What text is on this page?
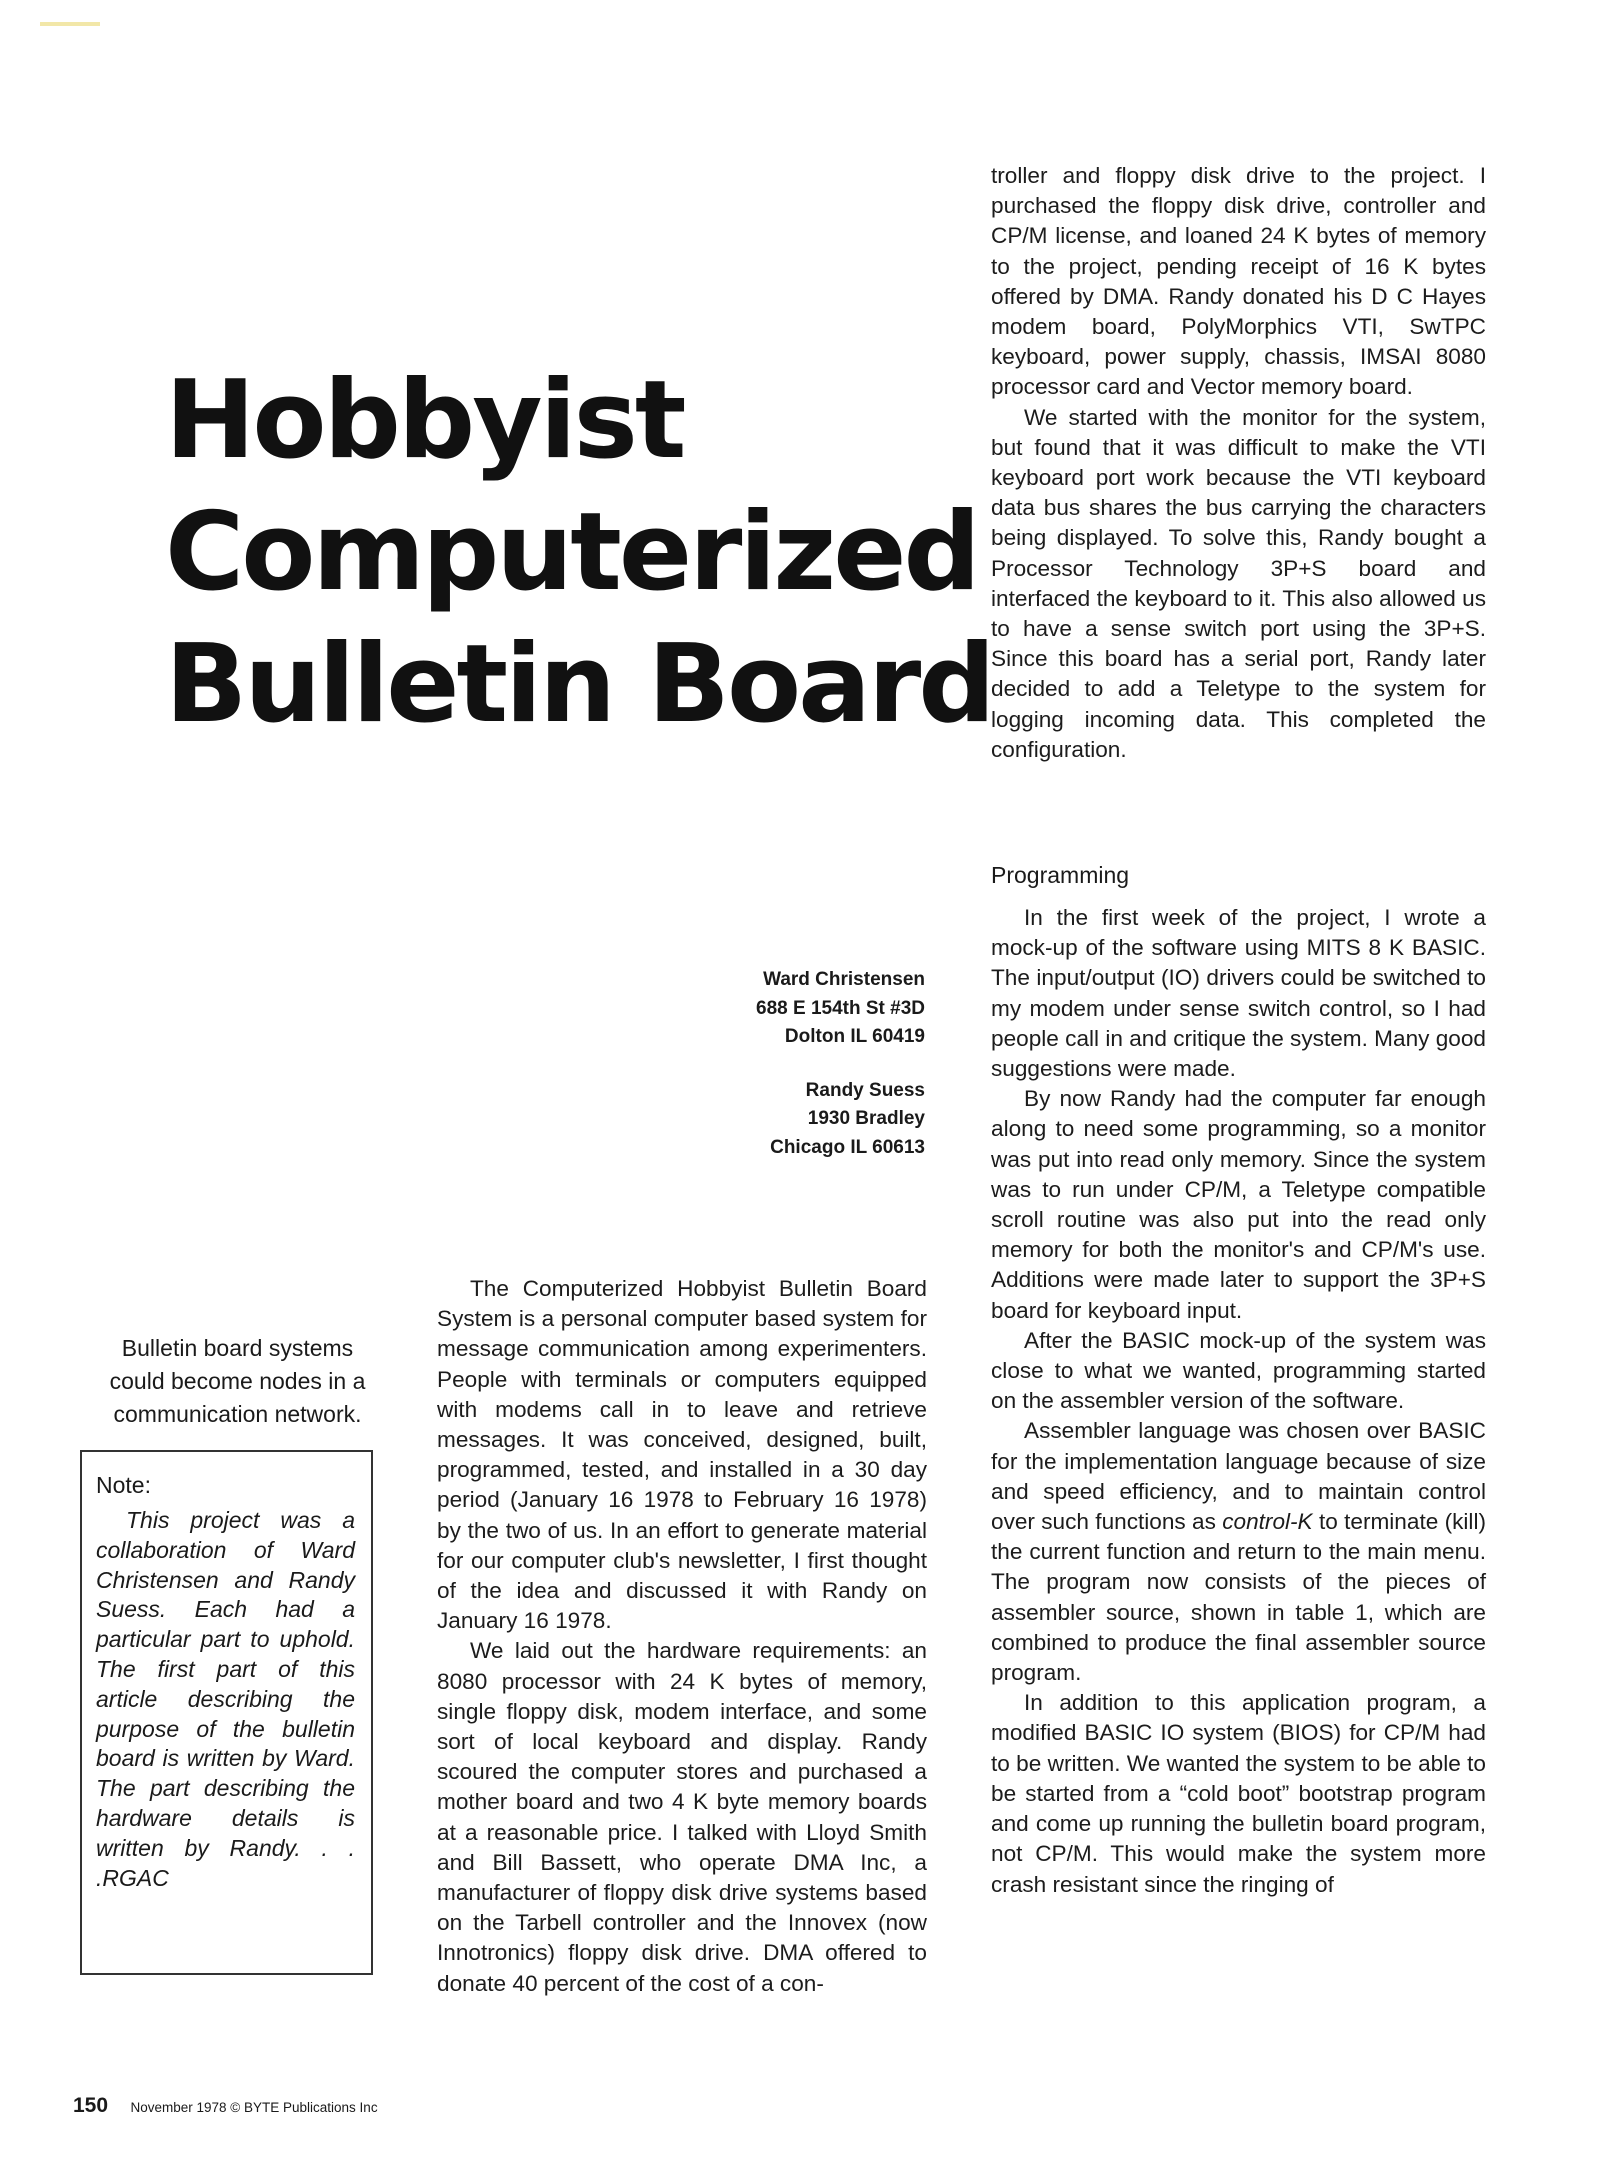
Hobbyist
Computerized
Bulletin Board
Ward Christensen
688 E 154th St #3D
Dolton IL 60419
Randy Suess
1930 Bradley
Chicago IL 60613
Bulletin board systems could become nodes in a communication network.
Note:
This project was a collaboration of Ward Christensen and Randy Suess. Each had a particular part to uphold. The first part of this article describing the purpose of the bulletin board is written by Ward. The part describing the hardware details is written by Randy. . . .RGAC

The Computerized Hobbyist Bulletin Board System is a personal computer based system for message communication among experimenters. People with terminals or computers equipped with modems call in to leave and retrieve messages. It was conceived, designed, built, programmed, tested, and installed in a 30 day period (January 16 1978 to February 16 1978) by the two of us. In an effort to generate material for our computer club's newsletter, I first thought of the idea and discussed it with Randy on January 16 1978.

We laid out the hardware requirements: an 8080 processor with 24 K bytes of memory, single floppy disk, modem interface, and some sort of local keyboard and display. Randy scoured the computer stores and purchased a mother board and two 4 K byte memory boards at a reasonable price. I talked with Lloyd Smith and Bill Bassett, who operate DMA Inc, a manufacturer of floppy disk drive systems based on the Tarbell controller and the Innovex (now Innotronics) floppy disk drive. DMA offered to donate 40 percent of the cost of a con-

troller and floppy disk drive to the project. I purchased the floppy disk drive, controller and CP/M license, and loaned 24 K bytes of memory to the project, pending receipt of 16 K bytes offered by DMA. Randy donated his D C Hayes modem board, PolyMorphics VTI, SwTPC keyboard, power supply, chassis, IMSAI 8080 processor card and Vector memory board.

We started with the monitor for the system, but found that it was difficult to make the VTI keyboard port work because the VTI keyboard data bus shares the bus carrying the characters being displayed. To solve this, Randy bought a Processor Technology 3P+S board and interfaced the keyboard to it. This also allowed us to have a sense switch port using the 3P+S. Since this board has a serial port, Randy later decided to add a Teletype to the system for logging incoming data. This completed the configuration.

Programming

In the first week of the project, I wrote a mock-up of the software using MITS 8 K BASIC. The input/output (IO) drivers could be switched to my modem under sense switch control, so I had people call in and critique the system. Many good suggestions were made.

By now Randy had the computer far enough along to need some programming, so a monitor was put into read only memory. Since the system was to run under CP/M, a Teletype compatible scroll routine was also put into the read only memory for both the monitor's and CP/M's use. Additions were made later to support the 3P+S board for keyboard input.

After the BASIC mock-up of the system was close to what we wanted, programming started on the assembler version of the software.

Assembler language was chosen over BASIC for the implementation language because of size and speed efficiency, and to maintain control over such functions as control-K to terminate (kill) the current function and return to the main menu. The program now consists of the pieces of assembler source, shown in table 1, which are combined to produce the final assembler source program.

In addition to this application program, a modified BASIC IO system (BIOS) for CP/M had to be written. We wanted the system to be able to be started from a “cold boot” bootstrap program and come up running the bulletin board program, not CP/M. This would make the system more crash resistant since the ringing of

150 November 1978 © BYTE Publications Inc
